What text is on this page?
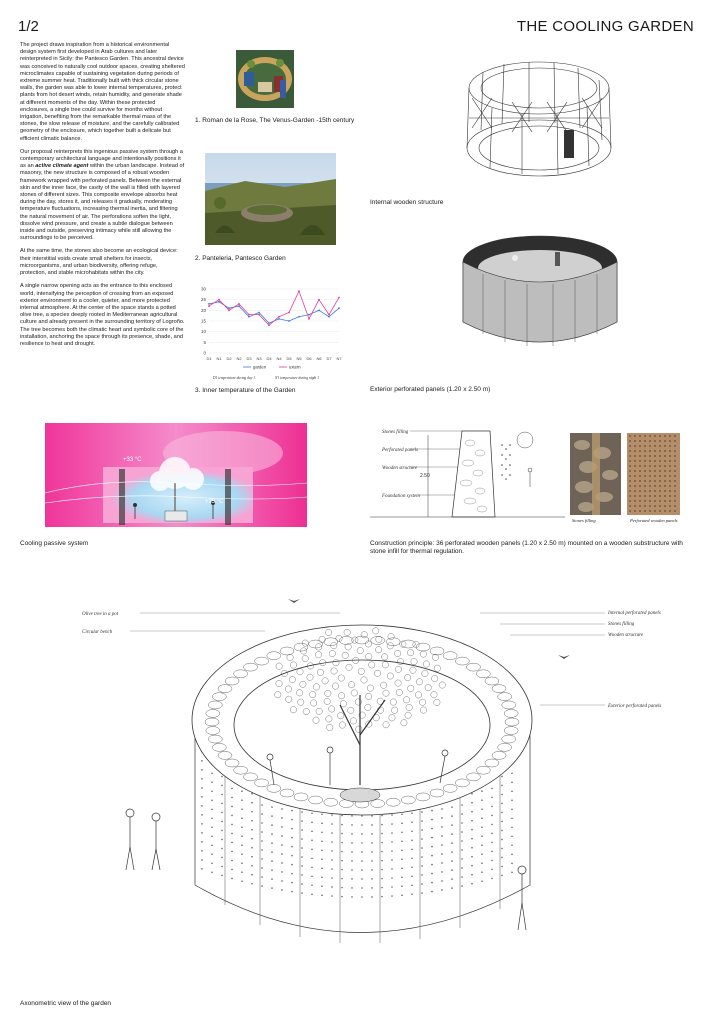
1/2	THE COOLING GARDEN

The project draws inspiration from a historical environmental design system first developed in Arab cultures and later reinterpreted in Sicily: the Pantesco Garden. This ancestral device was conceived to naturally cool outdoor spaces, creating sheltered microclimates capable of sustaining vegetation during periods of extreme summer heat. Traditionally built with thick circular stone walls, the garden was able to lower internal temperatures, protect plants from hot desert winds, retain humidity, and generate shade at different moments of the day. Within these protected enclosures, a single tree could survive for months without irrigation, benefiting from the remarkable thermal mass of the stones, the slow release of moisture, and the carefully calibrated geometry of the enclosure, which together built a delicate but efficient climatic balance.

Our proposal reinterprets this ingenious passive system through a contemporary architectural language and intentionally positions it as an active climate agent within the urban landscape. Instead of masonry, the new structure is composed of a robust wooden framework wrapped with perforated panels. Between the external skin and the inner face, the cavity of the wall is filled with layered stones of different sizes. This composite envelope absorbs heat during the day, stores it, and releases it gradually, moderating temperature fluctuations, increasing thermal inertia, and filtering the natural movement of air. The perforations soften the light, dissolve wind pressure, and create a subtle dialogue between inside and outside, preserving intimacy while still allowing the surroundings to be perceived.

At the same time, the stones also become an ecological device: their interstitial voids create small shelters for insects, microorganisms, and urban biodiversity, offering refuge, protection, and stable microhabitats within the city.

A single narrow opening acts as the entrance to this enclosed world, intensifying the perception of crossing from an exposed exterior environment to a cooler, quieter, and more protected internal atmosphere. At the center of the space stands a potted olive tree, a species deeply rooted in Mediterranean agricultural culture and already present in the surrounding territory of Logroño. The tree becomes both the climatic heart and symbolic core of the installation, anchoring the space through its presence, shade, and resilience to heat and drought.

1. Roman de la Rose, The Venus-Garden -15th century
2. Panteleria, Pantesco Garden
0
5
10
15
20
25
30
D1 N1 D2 N2 D3 N3 D4 N4 D5 N5 D6 N6 D7 N7
garden	extern
D1 temperature during day 1	N1 temperature during night 1
3. Inner temperature of the Garden
Internal wooden structure
Exterior perforated panels (1.20 x 2.50 m)
+33 °C
+25 °C
Cooling passive system
Stones filling
Perforated panels
Wooden structure
Foundation system
2.50
Stones filling	Perforated wooden panels
Construction principle: 36 perforated wooden panels (1.20 x 2.50 m) mounted on a wooden substructure with stone infill for thermal regulation.
Olive tree in a pot
Circular bench
Internal perforated panels
Stones filling
Wooden structure
Exterior perforated panels
Axonometric view of the garden
